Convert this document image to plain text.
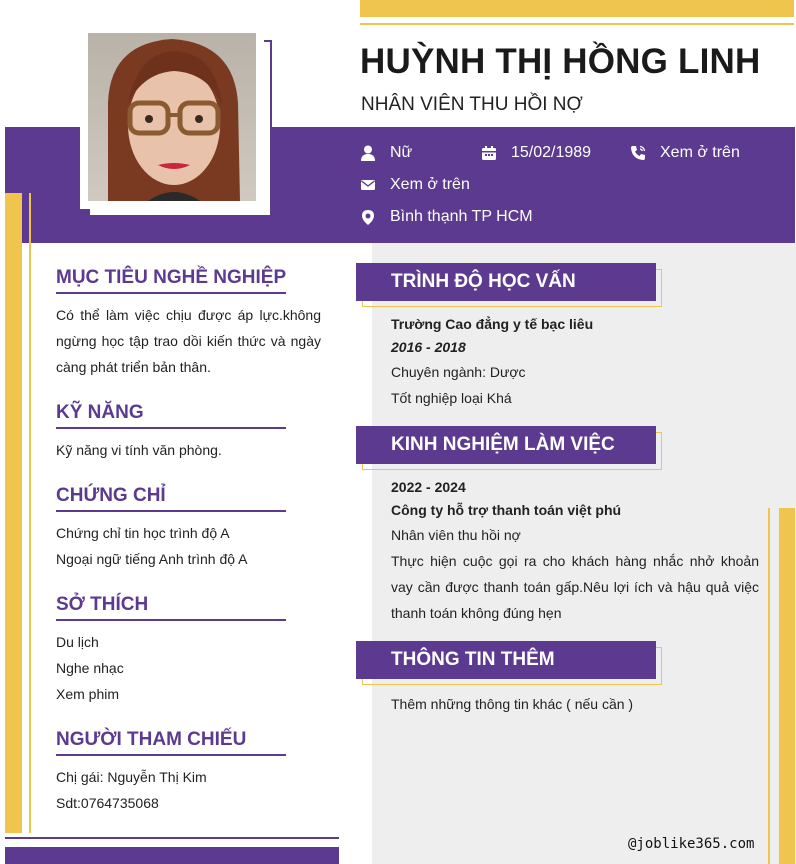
HUỲNH THỊ HỒNG LINH
NHÂN VIÊN THU HỒI NỢ
Nữ	15/02/1989	Xem ở trên
Xem ở trên
Bình thạnh TP HCM
MỤC TIÊU NGHỀ NGHIỆP
Có thể làm việc chịu được áp lực.không ngừng học tập trao dồi kiến thức và ngày càng phát triển bản thân.
KỸ NĂNG
Kỹ năng vi tính văn phòng.
CHỨNG CHỈ
Chứng chỉ tin học trình độ A
Ngoại ngữ tiếng Anh trình độ A
SỞ THÍCH
Du lịch
Nghe nhạc
Xem phim
NGƯỜI THAM CHIẾU
Chị gái: Nguyễn Thị Kim
Sdt:0764735068
TRÌNH ĐỘ HỌC VẤN
Trường Cao đẳng y tế bạc liêu
2016 - 2018
Chuyên ngành: Dược
Tốt nghiệp loại Khá
KINH NGHIỆM LÀM VIỆC
2022 - 2024
Công ty hỗ trợ thanh toán việt phú
Nhân viên thu hồi nợ
Thực hiện cuộc gọi ra cho khách hàng nhắc nhở khoản vay cần được thanh toán gấp.Nêu lợi ích và hậu quả việc thanh toán không đúng hẹn
THÔNG TIN THÊM
Thêm những thông tin khác ( nếu cần )
@joblike365.com
